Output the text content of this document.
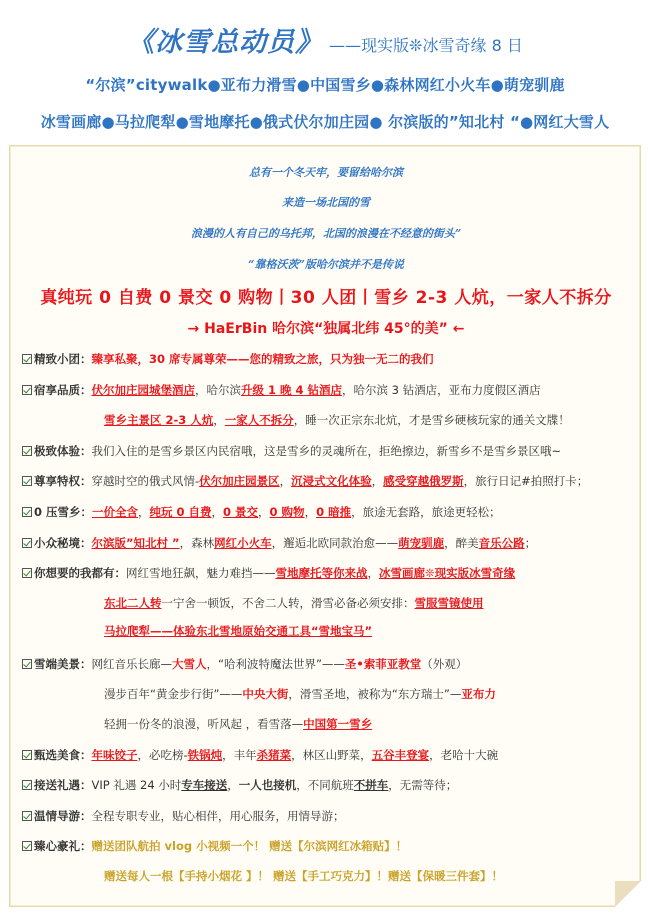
《冰雪总动员》 ——现实版❊冰雪奇缘 8 日
“尔滨”citywalk●亚布力滑雪●中国雪乡●森林网红小火车●萌宠驯鹿
冰雪画廊●马拉爬犁●雪地摩托●俄式伏尔加庄园● 尔滨版的”知北村 “●网红大雪人
总有一个冬天牢，要留给哈尔滨
来造一场北国的雪
浪漫的人有自己的乌托邦，北国的浪漫在不经意的街头”
“靠格沃茨”版哈尔滨并不是传说
真纯玩 0 自费 0 景交 0 购物丨30 人团丨雪乡 2-3 人炕，一家人不拆分
→ HaErBin 哈尔滨“独属北纬 45°的美” ←
精致小团：臻享私聚，30 席专属尊荣——您的精致之旅，只为独一无二的我们
宿享品质：伏尔加庄园城堡酒店，哈尔滨升级 1 晚 4 钻酒店，哈尔滨 3 钻酒店，亚布力度假区酒店
雪乡主景区 2-3 人炕，一家人不拆分，睡一次正宗东北炕，才是雪乡硬核玩家的通关文牒！
极致体验：我们入住的是雪乡景区内民宿哦，这是雪乡的灵魂所在，拒绝擦边，新雪乡不是雪乡景区哦~
尊享特权：穿越时空的俄式风情-伏尔加庄园景区，沉浸式文化体验，感受穿越俄罗斯，旅行日记#拍照打卡；
0 压雪乡：一价全含，纯玩 0 自费，0 景交，0 购物，0 暗推，旅途无套路，旅途更轻松；
小众秘境：尔滨版”知北村 ”，森林网红小火车，邂逅北欧同款治愈——萌宠驯鹿，醉美音乐公路；
你想要的我都有：网红雪地狂飙，魅力难挡——雪地摩托等你来战，冰雪画廊❊现实版冰雪奇缘
东北二人转一宁舍一顿饭，不舍二人转，滑雪必备必须安排：雪服雪镜使用
马拉爬犁——体验东北雪地原始交通工具“雪地宝马”
雪端美景：网红音乐长廊—大雪人，“哈利波特魔法世界”——圣•索菲亚教堂（外观）
漫步百年“黄金步行街”——中央大街，滑雪圣地，被称为“东方瑞士”—亚布力
轻拥一份冬的浪漫，听风起 ，看雪落—中国第一雪乡
甄选美食：年味饺子，必吃榜-铁锅炖，丰年杀猪菜，林区山野菜，五谷丰登宴，老哈十大碗
接送礼遇：VIP 礼遇 24 小时专车接送，一人也接机，不同航班不拼车，无需等待；
温情导游：全程专职专业，贴心相伴，用心服务，用情导游；
臻心豪礼：赠送团队航拍 vlog 小视频一个！ 赠送【尔滨网红冰箱贴】！
赠送每人一根【手持小烟花 】！ 赠送【手工巧克力】！赠送【保暖三件套】！
